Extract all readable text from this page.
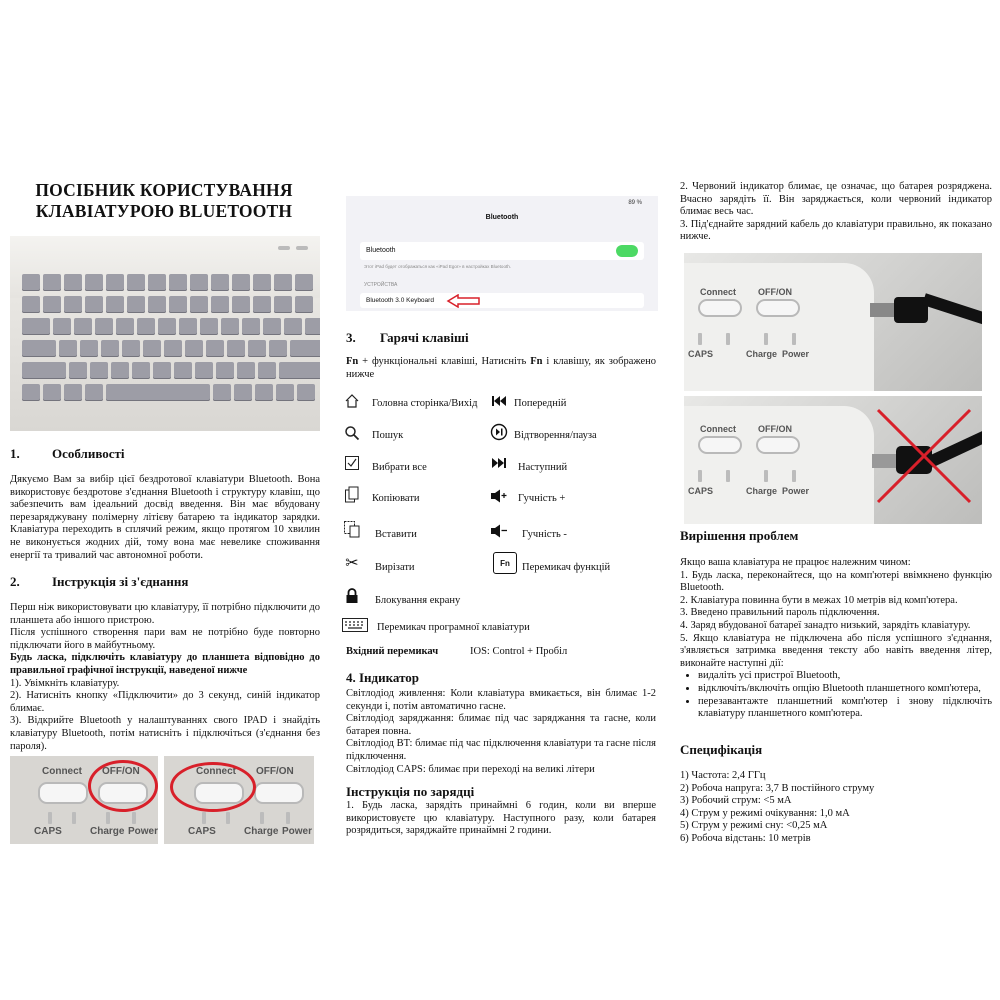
ПОСІБНИК КОРИСТУВАННЯ КЛАВІАТУРОЮ BLUETOOTH
1. Особливості

Дякуємо Вам за вибір цієї бездротової клавіатури Bluetooth. Вона використовує бездротове з'єднання Bluetooth і структуру клавіш, що забезпечить вам ідеальний досвід введення. Він має вбудовану перезаряджувану полімерну літієву батарею та індикатор зарядки. Клавіатура переходить в сплячий режим, якщо протягом 10 хвилин не виконується жодних дій, тому вона має невелике споживання енергії та тривалий час автономної роботи.

2. Інструкція зі з'єднання

Перш ніж використовувати цю клавіатуру, її потрібно підключити до планшета або іншого пристрою.

Після успішного створення пари вам не потрібно буде повторно підключати його в майбутньому.

Будь ласка, підключіть клавіатуру до планшета відповідно до правильної графічної інструкції, наведеної нижче

1). Увімкніть клавіатуру.

2). Натисніть кнопку «Підключити» до 3 секунд, синій індикатор блимає.

3). Відкрийте Bluetooth у налаштуваннях свого IPAD і знайдіть клавіатуру Bluetooth, потім натисніть і підключіться (з'єднання без пароля).

Connect OFF/ON
CAPS	Charge Power
Connect OFF/ON
CAPS	Charge Power
89 %
Bluetooth
Bluetooth
Этот iPad будет отображаться как «iPad Egor» в настройках Bluetooth.
УСТРОЙСТВА
Bluetooth 3.0 Keyboard
3. Гарячі клавіші

Fn + функціональні клавіші, Натисніть Fn і клавішу, як зображено нижче

Головна сторінка/Вихід
Пошук
Вибрати все
Копіювати
Вставити
✂ Вирізати
Блокування екрану
Перемикач програмної клавіатури
Попередній
Відтворення/пауза
Наступний
Гучність +
Гучність -
Fn	Перемикач функцій
Вхідний перемикач	IOS: Control + Пробіл
4. Індикатор

Світлодіод живлення: Коли клавіатура вмикається, він блимає 1-2 секунди і, потім автоматично гасне.

Світлодіод заряджання: блимає під час заряджання та гасне, коли батарея повна.

Світлодіод BT: блимає під час підключення клавіатури та гасне після підключення.

Світлодіод CAPS: блимає при переході на великі літери

Інструкція по зарядці

1. Будь ласка, зарядіть принаймні 6 годин, коли ви вперше використовуєте цю клавіатуру. Наступного разу, коли батарея розрядиться, заряджайте принаймні 2 години.

2. Червоний індикатор блимає, це означає, що батарея розряджена. Вчасно зарядіть її. Він заряджається, коли червоний індикатор блимає весь час.

3. Під'єднайте зарядний кабель до клавіатури правильно, як показано нижче.

Connect OFF/ON
CAPS	Charge Power
Connect OFF/ON
CAPS	Charge Power
Вирішення проблем

Якщо ваша клавіатура не працює належним чином:

1. Будь ласка, переконайтеся, що на комп'ютері ввімкнено функцію Bluetooth.

2. Клавіатура повинна бути в межах 10 метрів від комп'ютера.

3. Введено правильний пароль підключення.

4. Заряд вбудованої батареї занадто низький, зарядіть клавіатуру.

5. Якщо клавіатура не підключена або після успішного з'єднання, з'являється затримка введення тексту або навіть введення літер, виконайте наступні дії:

• видаліть усі пристрої Bluetooth,
• відключіть/включіть опцію Bluetooth планшетного комп'ютера,
• перезавантажте планшетний комп'ютер і знову підключіть клавіатуру планшетного комп'ютера.
Специфікація

1) Частота: 2,4 ГГц

2) Робоча напруга: 3,7 В постійного струму

3) Робочий струм: <5 мА

4) Струм у режимі очікування: 1,0 мА

5) Струм у режимі сну: <0,25 мА

6) Робоча відстань: 10 метрів
